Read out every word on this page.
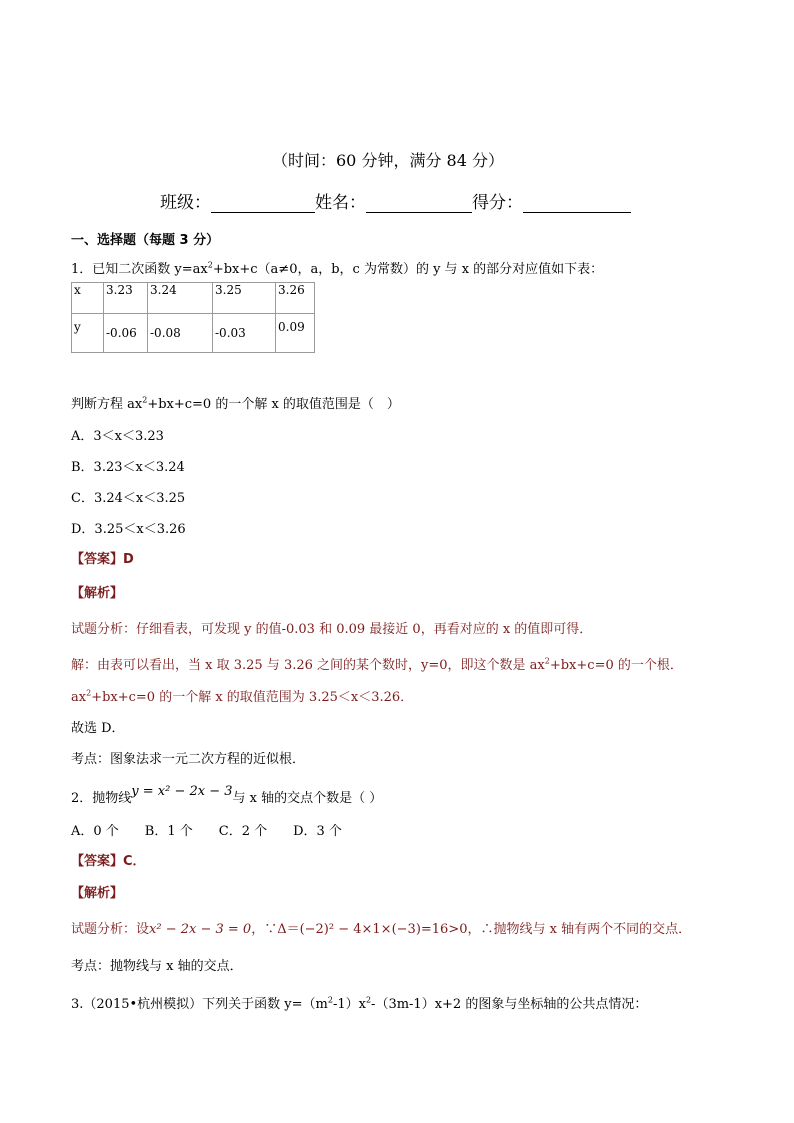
（时间：60 分钟，满分 84 分）
班级：	姓名：	得分：
一、选择题（每题 3 分）
1．已知二次函数 $y=ax^2+bx+c(a\ne 0$，a，b，c 为常数）的 y 与 x 的部分对应值如下表：
x	3.23	3.24	3.25	3.26
y	-0.06	-0.08	-0.03	0.09
判断方程 $ax^2+bx+c=0$ 的一个解 x 的取值范围是（　）
A．3＜x＜3.23
B．3.23＜x＜3.24
C．3.24＜x＜3.25
D．3.25＜x＜3.26
【答案】D
【解析】
试题分析：仔细看表，可发现 y 的值-0.03 和 0.09 最接近 0，再看对应的 x 的值即可得．
解：由表可以看出，当 x 取 3.25 与 3.26 之间的某个数时，y=0，即这个数是 $ax^2+bx+c=0$ 的一个根．
$ax^2+bx+c=0$ 的一个解 x 的取值范围为 3.25＜x＜3.26．
故选 D．
考点：图象法求一元二次方程的近似根．
2．抛物线y = x² − 2x − 3与 x 轴的交点个数是（ ）
A．0 个　　B．1 个　　C．2 个　　D．3 个
【答案】C．
【解析】
试题分析：设x² − 2x − 3 = 0，∵Δ＝(−2)² − 4×1×(−3)=16>0，∴抛物线与 x 轴有两个不同的交点．
考点：抛物线与 x 轴的交点．
3.（2015•杭州模拟）下列关于函数 $y=(m^2-1)x^2-(3m-1)x+2$ 的图象与坐标轴的公共点情况：
